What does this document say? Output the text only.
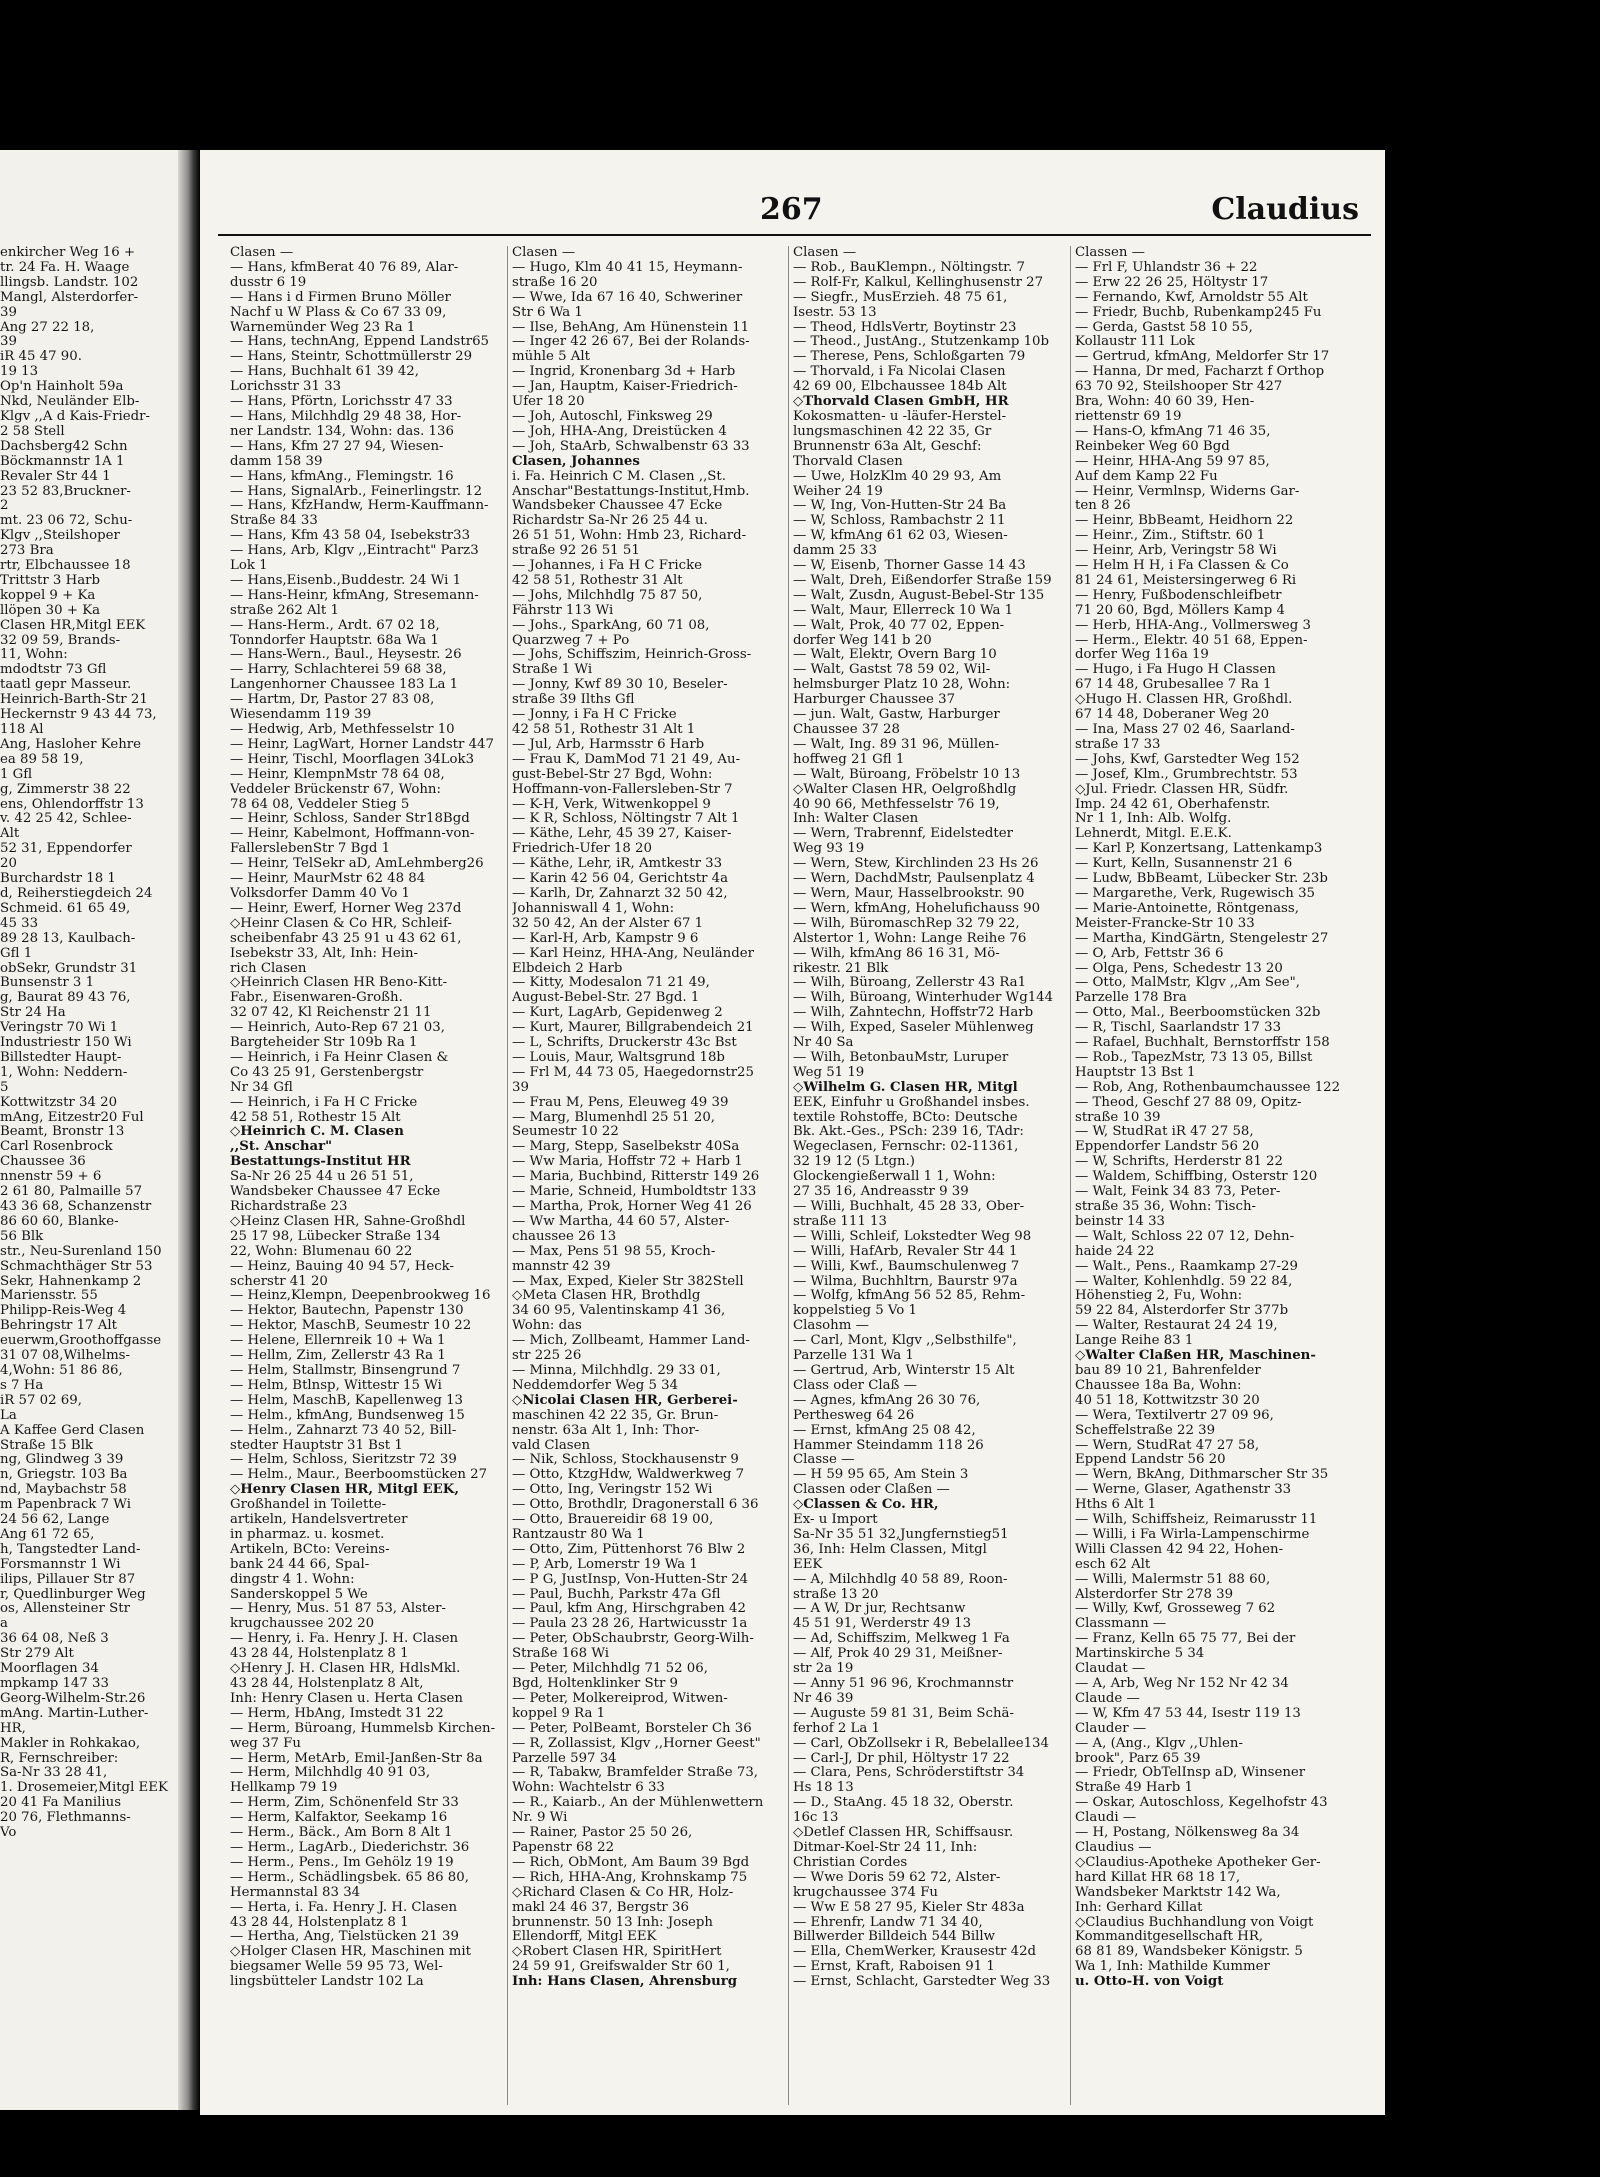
enkircher Weg 16 +
tr. 24 Fa. H. Waage
llingsb. Landstr. 102
Mangl, Alsterdorfer-
39
Ang 27 22 18,
39
iR 45 47 90.
19 13
Op'n Hainholt 59a
Nkd, Neuländer Elb-
Klgv ,,A d Kais-Friedr-
2 58 Stell
Dachsberg42 Schn
Böckmannstr 1A 1
Revaler Str 44 1
23 52 83,Bruckner-
2
mt. 23 06 72, Schu-
Klgv ,,Steilshoper
273 Bra
rtr, Elbchaussee 18
Trittstr 3 Harb
koppel 9 + Ka
llöpen 30 + Ka
Clasen HR,Mitgl EEK
32 09 59, Brands-
11, Wohn:
mdodtstr 73 Gfl
taatl gepr Masseur.
Heinrich-Barth-Str 21
Heckernstr 9 43 44 73,
118 Al
Ang, Hasloher Kehre
ea 89 58 19,
1 Gfl
g, Zimmerstr 38 22
ens, Ohlendorffstr 13
v. 42 25 42, Schlee-
Alt
52 31, Eppendorfer
20
Burchardstr 18 1
d, Reiherstiegdeich 24
Schmeid. 61 65 49,
45 33
89 28 13, Kaulbach-
Gfl 1
obSekr, Grundstr 31
Bunsenstr 3 1
g, Baurat 89 43 76,
Str 24 Ha
Veringstr 70 Wi 1
Industriestr 150 Wi
Billstedter Haupt-
1, Wohn: Neddern-
5
Kottwitzstr 34 20
mAng, Eitzestr20 Ful
Beamt, Bronstr 13
Carl Rosenbrock
Chaussee 36
nnenstr 59 + 6
2 61 80, Palmaille 57
43 36 68, Schanzenstr
86 60 60, Blanke-
56 Blk
str., Neu-Surenland 150
Schmachthäger Str 53
Sekr, Hahnenkamp 2
Mariensstr. 55
Philipp-Reis-Weg 4
Behringstr 17 Alt
euerwm,Groothoffgasse
31 07 08,Wilhelms-
4,Wohn: 51 86 86,
s 7 Ha
iR 57 02 69,
La
A Kaffee Gerd Clasen
Straße 15 Blk
ng, Glindweg 3 39
n, Griegstr. 103 Ba
nd, Maybachstr 58
m Papenbrack 7 Wi
24 56 62, Lange
Ang 61 72 65,
h, Tangstedter Land-
Forsmannstr 1 Wi
ilips, Pillauer Str 87
r, Quedlinburger Weg
os, Allensteiner Str
a
36 64 08, Neß 3
Str 279 Alt
Moorflagen 34
mpkamp 147 33
Georg-Wilhelm-Str.26
mAng. Martin-Luther-
HR,
Makler in Rohkakao,
R, Fernschreiber:
Sa-Nr 33 28 41,
1. Drosemeier,Mitgl EEK
20 41 Fa Manilius
20 76, Flethmanns-
Vo
267	Claudius
Clasen —
— Hans, kfmBerat 40 76 89, Alar-
dusstr 6 19
— Hans i d Firmen Bruno Möller
Nachf u W Plass & Co 67 33 09,
Warnemünder Weg 23 Ra 1
— Hans, technAng, Eppend Landstr65
— Hans, Steintr, Schottmüllerstr 29
— Hans, Buchhalt 61 39 42,
Lorichsstr 31 33
— Hans, Pförtn, Lorichsstr 47 33
— Hans, Milchhdlg 29 48 38, Hor-
ner Landstr. 134, Wohn: das. 136
— Hans, Kfm 27 27 94, Wiesen-
damm 158 39
— Hans, kfmAng., Flemingstr. 16
— Hans, SignalArb., Feinerlingstr. 12
— Hans, KfzHandw, Herm-Kauffmann-
Straße 84 33
— Hans, Kfm 43 58 04, Isebekstr33
— Hans, Arb, Klgv ,,Eintracht" Parz3
Lok 1
— Hans,Eisenb.,Buddestr. 24 Wi 1
— Hans-Heinr, kfmAng, Stresemann-
straße 262 Alt 1
— Hans-Herm., Ardt. 67 02 18,
Tonndorfer Hauptstr. 68a Wa 1
— Hans-Wern., Baul., Heysestr. 26
— Harry, Schlachterei 59 68 38,
Langenhorner Chaussee 183 La 1
— Hartm, Dr, Pastor 27 83 08,
Wiesendamm 119 39
— Hedwig, Arb, Methfesselstr 10
— Heinr, LagWart, Horner Landstr 447
— Heinr, Tischl, Moorflagen 34Lok3
— Heinr, KlempnMstr 78 64 08,
Veddeler Brückenstr 67, Wohn:
78 64 08, Veddeler Stieg 5
— Heinr, Schloss, Sander Str18Bgd
— Heinr, Kabelmont, Hoffmann-von-
FallerslebenStr 7 Bgd 1
— Heinr, TelSekr aD, AmLehmberg26
— Heinr, MaurMstr 62 48 84
Volksdorfer Damm 40 Vo 1
— Heinr, Ewerf, Horner Weg 237d
◇ Heinr Clasen & Co HR, Schleif-
scheibenfabr 43 25 91 u 43 62 61,
Isebekstr 33, Alt, Inh: Hein-
rich Clasen
◇ Heinrich Clasen HR Beno-Kitt-
Fabr., Eisenwaren-Großh.
32 07 42, Kl Reichenstr 21 11
— Heinrich, Auto-Rep 67 21 03,
Bargteheider Str 109b Ra 1
— Heinrich, i Fa Heinr Clasen &
Co 43 25 91, Gerstenbergstr
Nr 34 Gfl
— Heinrich, i Fa H C Fricke
42 58 51, Rothestr 15 Alt
◇ Heinrich C. M. Clasen
,,St. Anschar"
Bestattungs-Institut HR
Sa-Nr 26 25 44 u 26 51 51,
Wandsbeker Chaussee 47 Ecke
Richardstraße 23
◇ Heinz Clasen HR, Sahne-Großhdl
25 17 98, Lübecker Straße 134
22, Wohn: Blumenau 60 22
— Heinz, Bauing 40 94 57, Heck-
scherstr 41 20
— Heinz,Klempn, Deepenbrookweg 16
— Hektor, Bautechn, Papenstr 130
— Hektor, MaschB, Seumestr 10 22
— Helene, Ellernreik 10 + Wa 1
— Hellm, Zim, Zellerstr 43 Ra 1
— Helm, Stallmstr, Binsengrund 7
— Helm, Btlnsp, Wittestr 15 Wi
— Helm, MaschB, Kapellenweg 13
— Helm., kfmAng, Bundsenweg 15
— Helm., Zahnarzt 73 40 52, Bill-
stedter Hauptstr 31 Bst 1
— Helm, Schloss, Sieritzstr 72 39
— Helm., Maur., Beerboomstücken 27
◇ Henry Clasen HR, Mitgl EEK,
Großhandel in Toilette-
artikeln, Handelsvertreter
in pharmaz. u. kosmet.
Artikeln, BCto: Vereins-
bank 24 44 66, Spal-
dingstr 4 1. Wohn:
Sanderskoppel 5 We
— Henry, Mus. 51 87 53, Alster-
krugchaussee 202 20
— Henry, i. Fa. Henry J. H. Clasen
43 28 44, Holstenplatz 8 1
◇ Henry J. H. Clasen HR, HdlsMkl.
43 28 44, Holstenplatz 8 Alt,
Inh: Henry Clasen u. Herta Clasen
— Herm, HbAng, Imstedt 31 22
— Herm, Büroang, Hummelsb Kirchen-
weg 37 Fu
— Herm, MetArb, Emil-Janßen-Str 8a
— Herm, Milchhdlg 40 91 03,
Hellkamp 79 19
— Herm, Zim, Schönenfeld Str 33
— Herm, Kalfaktor, Seekamp 16
— Herm., Bäck., Am Born 8 Alt 1
— Herm., LagArb., Diederichstr. 36
— Herm., Pens., Im Gehölz 19 19
— Herm., Schädlingsbek. 65 86 80,
Hermannstal 83 34
— Herta, i. Fa. Henry J. H. Clasen
43 28 44, Holstenplatz 8 1
— Hertha, Ang, Tielstücken 21 39
◇ Holger Clasen HR, Maschinen mit
biegsamer Welle 59 95 73, Wel-
lingsbütteler Landstr 102 La
Clasen —
— Hugo, Klm 40 41 15, Heymann-
straße 16 20
— Wwe, Ida 67 16 40, Schweriner
Str 6 Wa 1
— Ilse, BehAng, Am Hünenstein 11
— Inger 42 26 67, Bei der Rolands-
mühle 5 Alt
— Ingrid, Kronenbarg 3d + Harb
— Jan, Hauptm, Kaiser-Friedrich-
Ufer 18 20
— Joh, Autoschl, Finksweg 29
— Joh, HHA-Ang, Dreistücken 4
— Joh, StaArb, Schwalbenstr 63 33
Clasen, Johannes
i. Fa. Heinrich C M. Clasen ,,St.
Anschar"Bestattungs-Institut,Hmb.
Wandsbeker Chaussee 47 Ecke
Richardstr Sa-Nr 26 25 44 u.
26 51 51, Wohn: Hmb 23, Richard-
straße 92 26 51 51
— Johannes, i Fa H C Fricke
42 58 51, Rothestr 31 Alt
— Johs, Milchhdlg 75 87 50,
Fährstr 113 Wi
— Johs., SparkAng, 60 71 08,
Quarzweg 7 + Po
— Johs, Schiffszim, Heinrich-Gross-
Straße 1 Wi
— Jonny, Kwf 89 30 10, Beseler-
straße 39 Ilths Gfl
— Jonny, i Fa H C Fricke
42 58 51, Rothestr 31 Alt 1
— Jul, Arb, Harmsstr 6 Harb
— Frau K, DamMod 71 21 49, Au-
gust-Bebel-Str 27 Bgd, Wohn:
Hoffmann-von-Fallersleben-Str 7
— K-H, Verk, Witwenkoppel 9
— K R, Schloss, Nöltingstr 7 Alt 1
— Käthe, Lehr, 45 39 27, Kaiser-
Friedrich-Ufer 18 20
— Käthe, Lehr, iR, Amtkestr 33
— Karin 42 56 04, Gerichtstr 4a
— Karlh, Dr, Zahnarzt 32 50 42,
Johanniswall 4 1, Wohn:
32 50 42, An der Alster 67 1
— Karl-H, Arb, Kampstr 9 6
— Karl Heinz, HHA-Ang, Neuländer
Elbdeich 2 Harb
— Kitty, Modesalon 71 21 49,
August-Bebel-Str. 27 Bgd. 1
— Kurt, LagArb, Gepidenweg 2
— Kurt, Maurer, Billgrabendeich 21
— L, Schrifts, Druckerstr 43c Bst
— Louis, Maur, Waltsgrund 18b
— Frl M, 44 73 05, Haegedornstr25
39
— Frau M, Pens, Eleuweg 49 39
— Marg, Blumenhdl 25 51 20,
Seumestr 10 22
— Marg, Stepp, Saselbekstr 40Sa
— Ww Maria, Hoffstr 72 + Harb 1
— Maria, Buchbind, Ritterstr 149 26
— Marie, Schneid, Humboldtstr 133
— Martha, Prok, Horner Weg 41 26
— Ww Martha, 44 60 57, Alster-
chaussee 26 13
— Max, Pens 51 98 55, Kroch-
mannstr 42 39
— Max, Exped, Kieler Str 382Stell
◇ Meta Clasen HR, Brothdlg
34 60 95, Valentinskamp 41 36,
Wohn: das
— Mich, Zollbeamt, Hammer Land-
str 225 26
— Minna, Milchhdlg. 29 33 01,
Neddemdorfer Weg 5 34
◇ Nicolai Clasen HR, Gerberei-
maschinen 42 22 35, Gr. Brun-
nenstr. 63a Alt 1, Inh: Thor-
vald Clasen
— Nik, Schloss, Stockhausenstr 9
— Otto, KtzgHdw, Waldwerkweg 7
— Otto, Ing, Veringstr 152 Wi
— Otto, Brothdlr, Dragonerstall 6 36
— Otto, Brauereidir 68 19 00,
Rantzaustr 80 Wa 1
— Otto, Zim, Püttenhorst 76 Blw 2
— P, Arb, Lomerstr 19 Wa 1
— P G, JustInsp, Von-Hutten-Str 24
— Paul, Buchh, Parkstr 47a Gfl
— Paul, kfm Ang, Hirschgraben 42
— Paula 23 28 26, Hartwicusstr 1a
— Peter, ObSchaubrstr, Georg-Wilh-
Straße 168 Wi
— Peter, Milchhdlg 71 52 06,
Bgd, Holtenklinker Str 9
— Peter, Molkereiprod, Witwen-
koppel 9 Ra 1
— Peter, PolBeamt, Borsteler Ch 36
— R, Zollassist, Klgv ,,Horner Geest"
Parzelle 597 34
— R, Tabakw, Bramfelder Straße 73,
Wohn: Wachtelstr 6 33
— R., Kaiarb., An der Mühlenwettern
Nr. 9 Wi
— Rainer, Pastor 25 50 26,
Papenstr 68 22
— Rich, ObMont, Am Baum 39 Bgd
— Rich, HHA-Ang, Krohnskamp 75
◇ Richard Clasen & Co HR, Holz-
makl 24 46 37, Bergstr 36
brunnenstr. 50 13 Inh: Joseph
Ellendorff, Mitgl EEK
◇ Robert Clasen HR, SpiritHert
24 59 91, Greifswalder Str 60 1,
Inh: Hans Clasen, Ahrensburg
Clasen —
— Rob., BauKlempn., Nöltingstr. 7
— Rolf-Fr, Kalkul, Kellinghusenstr 27
— Siegfr., MusErzieh. 48 75 61,
Isestr. 53 13
— Theod, HdlsVertr, Boytinstr 23
— Theod., JustAng., Stutzenkamp 10b
— Therese, Pens, Schloßgarten 79
— Thorvald, i Fa Nicolai Clasen
42 69 00, Elbchaussee 184b Alt
◇ Thorvald Clasen GmbH, HR
Kokosmatten- u -läufer-Herstel-
lungsmaschinen 42 22 35, Gr
Brunnenstr 63a Alt, Geschf:
Thorvald Clasen
— Uwe, HolzKlm 40 29 93, Am
Weiher 24 19
— W, Ing, Von-Hutten-Str 24 Ba
— W, Schloss, Rambachstr 2 11
— W, kfmAng 61 62 03, Wiesen-
damm 25 33
— W, Eisenb, Thorner Gasse 14 43
— Walt, Dreh, Eißendorfer Straße 159
— Walt, Zusdn, August-Bebel-Str 135
— Walt, Maur, Ellerreck 10 Wa 1
— Walt, Prok, 40 77 02, Eppen-
dorfer Weg 141 b 20
— Walt, Elektr, Overn Barg 10
— Walt, Gastst 78 59 02, Wil-
helmsburger Platz 10 28, Wohn:
Harburger Chaussee 37
— jun. Walt, Gastw, Harburger
Chaussee 37 28
— Walt, Ing. 89 31 96, Müllen-
hoffweg 21 Gfl 1
— Walt, Büroang, Fröbelstr 10 13
◇ Walter Clasen HR, Oelgroßhdlg
40 90 66, Methfesselstr 76 19,
Inh: Walter Clasen
— Wern, Trabrennf, Eidelstedter
Weg 93 19
— Wern, Stew, Kirchlinden 23 Hs 26
— Wern, DachdMstr, Paulsenplatz 4
— Wern, Maur, Hasselbrookstr. 90
— Wern, kfmAng, Hohelufichauss 90
— Wilh, BüromaschRep 32 79 22,
Alstertor 1, Wohn: Lange Reihe 76
— Wilh, kfmAng 86 16 31, Mö-
rikestr. 21 Blk
— Wilh, Büroang, Zellerstr 43 Ra1
— Wilh, Büroang, Winterhuder Wg144
— Wilh, Zahntechn, Hoffstr72 Harb
— Wilh, Exped, Saseler Mühlenweg
Nr 40 Sa
— Wilh, BetonbauMstr, Luruper
Weg 51 19
◇ Wilhelm G. Clasen HR, Mitgl
EEK, Einfuhr u Großhandel insbes.
textile Rohstoffe, BCto: Deutsche
Bk. Akt.-Ges., PSch: 239 16, TAdr:
Wegeclasen, Fernschr: 02-11361,
32 19 12 (5 Ltgn.)
Glockengießerwall 1 1, Wohn:
27 35 16, Andreasstr 9 39
— Willi, Buchhalt, 45 28 33, Ober-
straße 111 13
— Willi, Schleif, Lokstedter Weg 98
— Willi, HafArb, Revaler Str 44 1
— Willi, Kwf., Baumschulenweg 7
— Wilma, Buchhltrn, Baurstr 97a
— Wolfg, kfmAng 56 52 85, Rehm-
koppelstieg 5 Vo 1
Clasohm —
— Carl, Mont, Klgv ,,Selbsthilfe",
Parzelle 131 Wa 1
— Gertrud, Arb, Winterstr 15 Alt
Class oder Claß —
— Agnes, kfmAng 26 30 76,
Perthesweg 64 26
— Ernst, kfmAng 25 08 42,
Hammer Steindamm 118 26
Classe —
— H 59 95 65, Am Stein 3
Classen oder Claßen —
◇ Classen & Co. HR,
Ex- u Import
Sa-Nr 35 51 32,Jungfernstieg51
36, Inh: Helm Classen, Mitgl
EEK
— A, Milchhdlg 40 58 89, Roon-
straße 13 20
— A W, Dr jur, Rechtsanw
45 51 91, Werderstr 49 13
— Ad, Schiffszim, Melkweg 1 Fa
— Alf, Prok 40 29 31, Meißner-
str 2a 19
— Anny 51 96 96, Krochmannstr
Nr 46 39
— Auguste 59 81 31, Beim Schä-
ferhof 2 La 1
— Carl, ObZollsekr i R, Bebelallee134
— Carl-J, Dr phil, Höltystr 17 22
— Clara, Pens, Schröderstiftstr 34
Hs 18 13
— D., StaAng. 45 18 32, Oberstr.
16c 13
◇ Detlef Classen HR, Schiffsausr.
Ditmar-Koel-Str 24 11, Inh:
Christian Cordes
— Wwe Doris 59 62 72, Alster-
krugchaussee 374 Fu
— Ww E 58 27 95, Kieler Str 483a
— Ehrenfr, Landw 71 34 40,
Billwerder Billdeich 544 Billw
— Ella, ChemWerker, Krausestr 42d
— Ernst, Kraft, Raboisen 91 1
— Ernst, Schlacht, Garstedter Weg 33
Classen —
— Frl F, Uhlandstr 36 + 22
— Erw 22 26 25, Höltystr 17
— Fernando, Kwf, Arnoldstr 55 Alt
— Friedr, Buchb, Rubenkamp245 Fu
— Gerda, Gastst 58 10 55,
Kollaustr 111 Lok
— Gertrud, kfmAng, Meldorfer Str 17
— Hanna, Dr med, Facharzt f Orthop
63 70 92, Steilshooper Str 427
Bra, Wohn: 40 60 39, Hen-
riettenstr 69 19
— Hans-O, kfmAng 71 46 35,
Reinbeker Weg 60 Bgd
— Heinr, HHA-Ang 59 97 85,
Auf dem Kamp 22 Fu
— Heinr, Vermlnsp, Widerns Gar-
ten 8 26
— Heinr, BbBeamt, Heidhorn 22
— Heinr., Zim., Stiftstr. 60 1
— Heinr, Arb, Veringstr 58 Wi
— Helm H H, i Fa Classen & Co
81 24 61, Meistersingerweg 6 Ri
— Henry, Fußbodenschleifbetr
71 20 60, Bgd, Möllers Kamp 4
— Herb, HHA-Ang., Vollmersweg 3
— Herm., Elektr. 40 51 68, Eppen-
dorfer Weg 116a 19
— Hugo, i Fa Hugo H Classen
67 14 48, Grubesallee 7 Ra 1
◇ Hugo H. Classen HR, Großhdl.
67 14 48, Doberaner Weg 20
— Ina, Mass 27 02 46, Saarland-
straße 17 33
— Johs, Kwf, Garstedter Weg 152
— Josef, Klm., Grumbrechtstr. 53
◇ Jul. Friedr. Classen HR, Südfr.
Imp. 24 42 61, Oberhafenstr.
Nr 1 1, Inh: Alb. Wolfg.
Lehnerdt, Mitgl. E.E.K.
— Karl P, Konzertsang, Lattenkamp3
— Kurt, Kelln, Susannenstr 21 6
— Ludw, BbBeamt, Lübecker Str. 23b
— Margarethe, Verk, Rugewisch 35
— Marie-Antoinette, Röntgenass,
Meister-Francke-Str 10 33
— Martha, KindGärtn, Stengelestr 27
— O, Arb, Fettstr 36 6
— Olga, Pens, Schedestr 13 20
— Otto, MalMstr, Klgv ,,Am See",
Parzelle 178 Bra
— Otto, Mal., Beerboomstücken 32b
— R, Tischl, Saarlandstr 17 33
— Rafael, Buchhalt, Bernstorffstr 158
— Rob., TapezMstr, 73 13 05, Billst
Hauptstr 13 Bst 1
— Rob, Ang, Rothenbaumchaussee 122
— Theod, Geschf 27 88 09, Opitz-
straße 10 39
— W, StudRat iR 47 27 58,
Eppendorfer Landstr 56 20
— W, Schrifts, Herderstr 81 22
— Waldem, Schiffbing, Osterstr 120
— Walt, Feink 34 83 73, Peter-
straße 35 36, Wohn: Tisch-
beinstr 14 33
— Walt, Schloss 22 07 12, Dehn-
haide 24 22
— Walt., Pens., Raamkamp 27-29
— Walter, Kohlenhdlg. 59 22 84,
Höhenstieg 2, Fu, Wohn:
59 22 84, Alsterdorfer Str 377b
— Walter, Restaurat 24 24 19,
Lange Reihe 83 1
◇ Walter Claßen HR, Maschinen-
bau 89 10 21, Bahrenfelder
Chaussee 18a Ba, Wohn:
40 51 18, Kottwitzstr 30 20
— Wera, Textilvertr 27 09 96,
Scheffelstraße 22 39
— Wern, StudRat 47 27 58,
Eppend Landstr 56 20
— Wern, BkAng, Dithmarscher Str 35
— Werne, Glaser, Agathenstr 33
Hths 6 Alt 1
— Wilh, Schiffsheiz, Reimarusstr 11
— Willi, i Fa Wirla-Lampenschirme
Willi Classen 42 94 22, Hohen-
esch 62 Alt
— Willi, Malermstr 51 88 60,
Alsterdorfer Str 278 39
— Willy, Kwf, Grosseweg 7 62
Classmann —
— Franz, Kelln 65 75 77, Bei der
Martinskirche 5 34
Claudat —
— A, Arb, Weg Nr 152 Nr 42 34
Claude —
— W, Kfm 47 53 44, Isestr 119 13
Clauder —
— A, (Ang., Klgv ,,Uhlen-
brook", Parz 65 39
— Friedr, ObTelInsp aD, Winsener
Straße 49 Harb 1
— Oskar, Autoschloss, Kegelhofstr 43
Claudi —
— H, Postang, Nölkensweg 8a 34
Claudius —
◇ Claudius-Apotheke Apotheker Ger-
hard Killat HR 68 18 17,
Wandsbeker Marktstr 142 Wa,
Inh: Gerhard Killat
◇ Claudius Buchhandlung von Voigt
Kommanditgesellschaft HR,
68 81 89, Wandsbeker Königstr. 5
Wa 1, Inh: Mathilde Kummer
u. Otto-H. von Voigt
